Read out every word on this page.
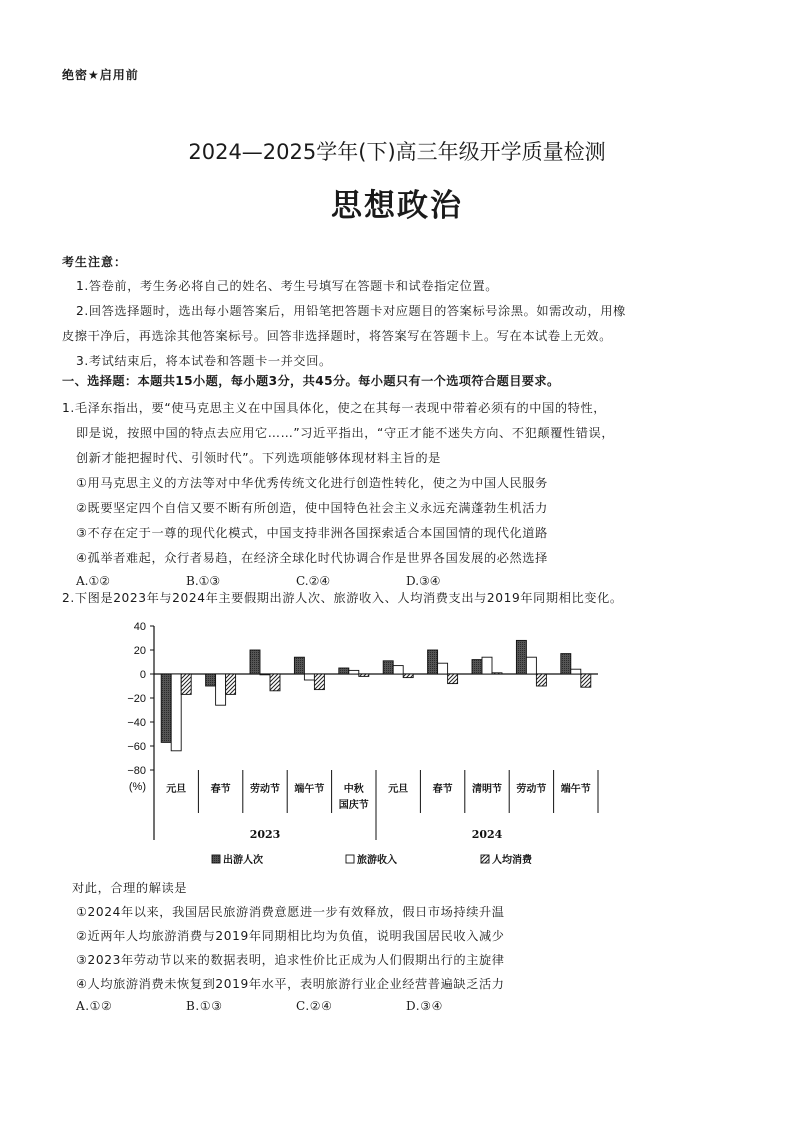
绝密★启用前
2024—2025学年(下)高三年级开学质量检测
思想政治
考生注意：
1.答卷前，考生务必将自己的姓名、考生号填写在答题卡和试卷指定位置。
2.回答选择题时，选出每小题答案后，用铅笔把答题卡对应题目的答案标号涂黑。如需改动，用橡
皮擦干净后，再选涂其他答案标号。回答非选择题时，将答案写在答题卡上。写在本试卷上无效。
3.考试结束后，将本试卷和答题卡一并交回。
一、选择题：本题共15小题，每小题3分，共45分。每小题只有一个选项符合题目要求。
1.毛泽东指出，要“使马克思主义在中国具体化，使之在其每一表现中带着必须有的中国的特性，
即是说，按照中国的特点去应用它……”习近平指出，“守正才能不迷失方向、不犯颠覆性错误，
创新才能把握时代、引领时代”。下列选项能够体现材料主旨的是
①用马克思主义的方法等对中华优秀传统文化进行创造性转化，使之为中国人民服务
②既要坚定四个自信又要不断有所创造，使中国特色社会主义永远充满蓬勃生机活力
③不存在定于一尊的现代化模式，中国支持非洲各国探索适合本国国情的现代化道路
④孤举者难起，众行者易趋，在经济全球化时代协调合作是世界各国发展的必然选择
A.①②	B.①③	C.②④	D.③④
2.下图是2023年与2024年主要假期出游人次、旅游收入、人均消费支出与2019年同期相比变化。
40
20
0
−20
−40
−60
−80
(%) 元旦 春节 劳动节 端午节 中秋
国庆节
元旦 春节 清明节 劳动节 端午节
2023	2024
出游人次	旅游收入	人均消费
对此，合理的解读是
①2024年以来，我国居民旅游消费意愿进一步有效释放，假日市场持续升温
②近两年人均旅游消费与2019年同期相比均为负值，说明我国居民收入减少
③2023年劳动节以来的数据表明，追求性价比正成为人们假期出行的主旋律
④人均旅游消费未恢复到2019年水平，表明旅游行业企业经营普遍缺乏活力
A.①②	B.①③	C.②④	D.③④
